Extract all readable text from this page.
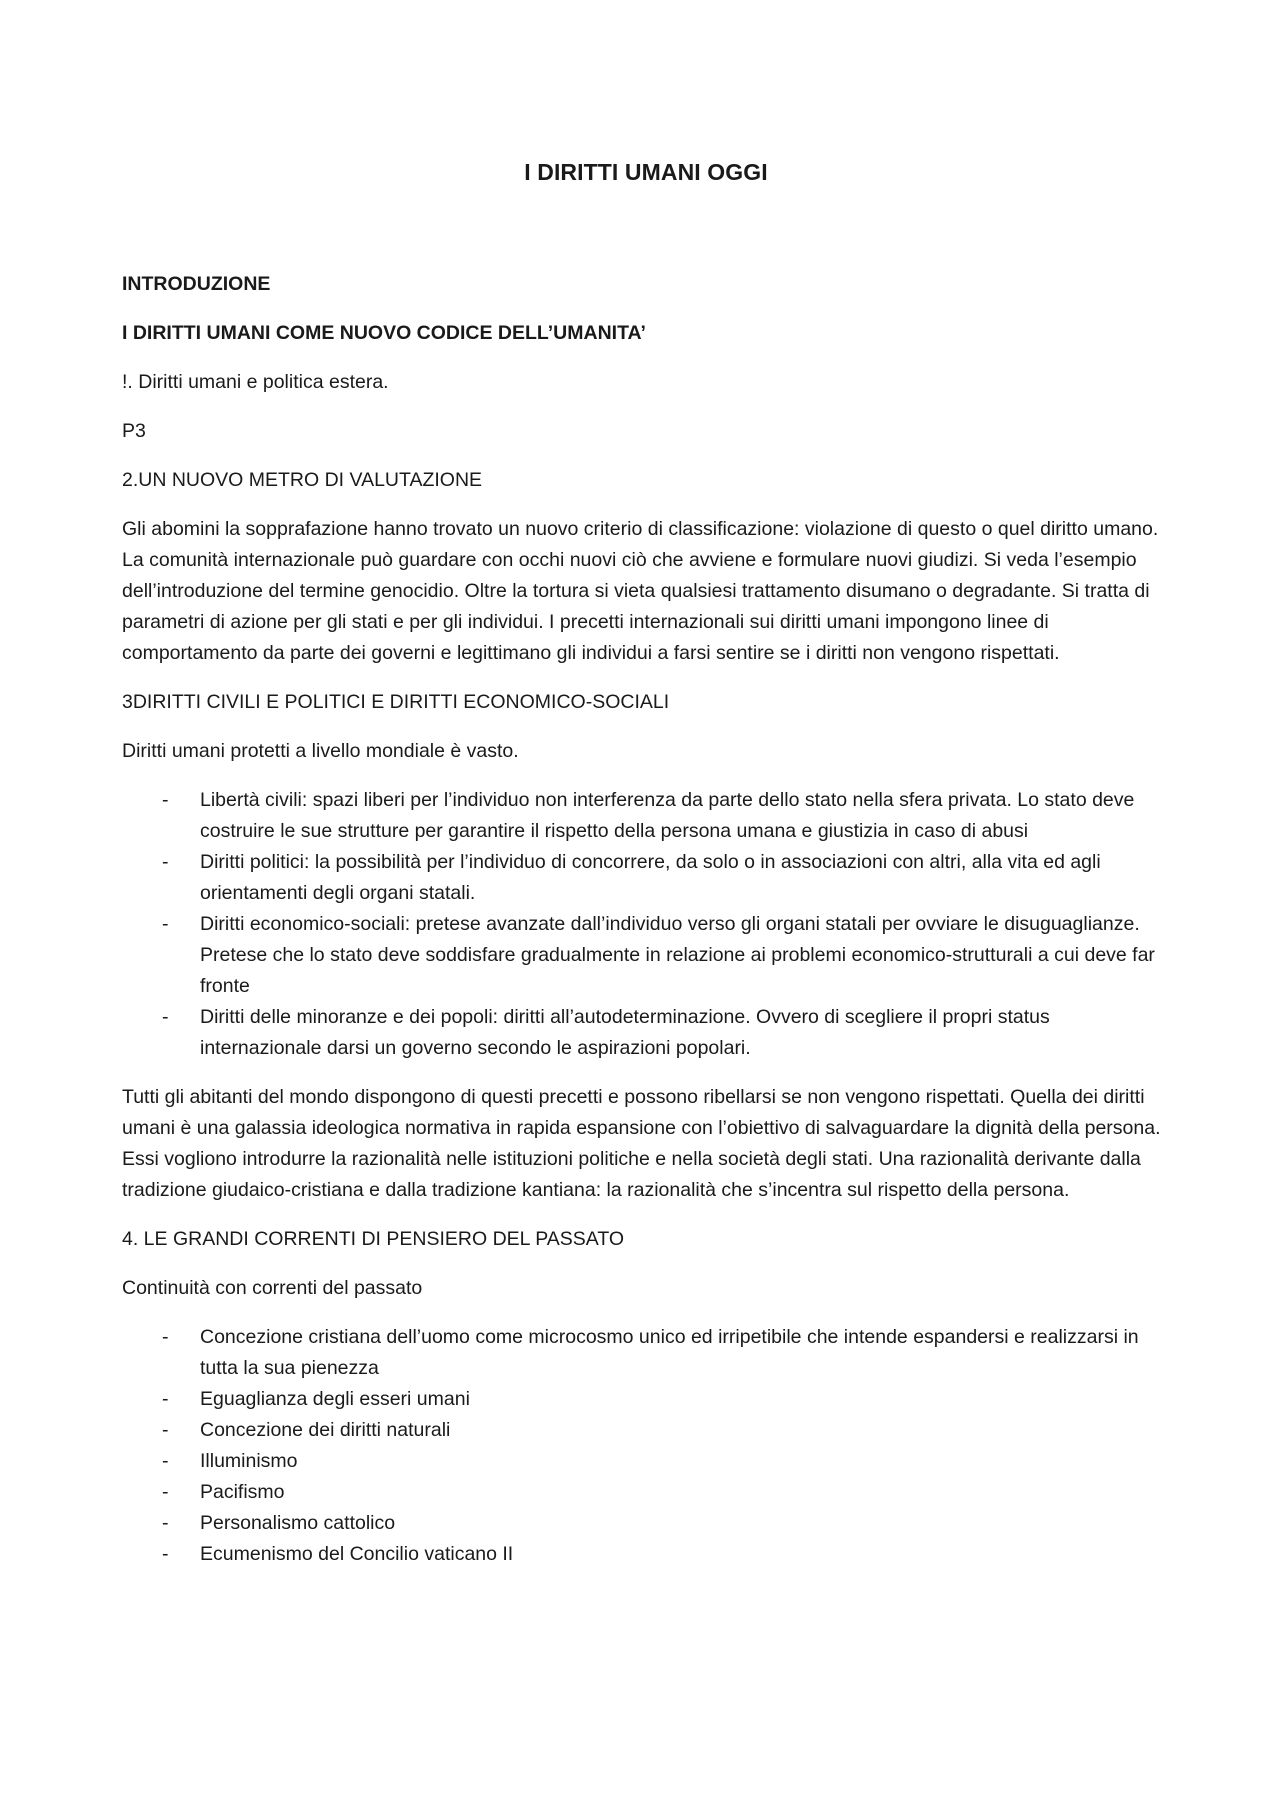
I DIRITTI UMANI OGGI
INTRODUZIONE
I DIRITTI UMANI COME NUOVO CODICE DELL’UMANITA’
!. Diritti umani e politica estera.
P3
2.UN NUOVO METRO DI VALUTAZIONE
Gli abomini la sopprafazione hanno trovato un nuovo criterio di classificazione: violazione di questo o quel diritto umano. La comunità internazionale può guardare con occhi nuovi ciò che avviene e formulare nuovi giudizi. Si veda l’esempio dell’introduzione del termine genocidio. Oltre la tortura si vieta qualsiesi trattamento disumano o degradante. Si tratta di parametri di azione per gli stati e per gli individui. I precetti internazionali sui diritti umani impongono linee di comportamento da parte dei governi e legittimano gli individui a farsi sentire se i diritti non vengono rispettati.
3DIRITTI CIVILI E POLITICI E DIRITTI ECONOMICO-SOCIALI
Diritti umani protetti a livello mondiale è vasto.
- Libertà civili: spazi liberi per l’individuo non interferenza da parte dello stato nella sfera privata. Lo stato deve costruire le sue strutture per garantire il rispetto della persona umana e giustizia in caso di abusi
- Diritti politici: la possibilità per l’individuo di concorrere, da solo o in associazioni con altri, alla vita ed agli orientamenti degli organi statali.
- Diritti economico-sociali: pretese avanzate dall’individuo verso gli organi statali per ovviare le disuguaglianze. Pretese che lo stato deve soddisfare gradualmente in relazione ai problemi economico-strutturali a cui deve far fronte
- Diritti delle minoranze e dei popoli: diritti all’autodeterminazione. Ovvero di scegliere il propri status internazionale darsi un governo secondo le aspirazioni popolari.
Tutti gli abitanti del mondo dispongono di questi precetti e possono ribellarsi se non vengono rispettati. Quella dei diritti umani è una galassia ideologica normativa in rapida espansione con l’obiettivo di salvaguardare la dignità della persona. Essi vogliono introdurre la razionalità nelle istituzioni politiche e nella società degli stati. Una razionalità derivante dalla tradizione giudaico-cristiana e dalla tradizione kantiana: la razionalità che s’incentra sul rispetto della persona.
4. LE GRANDI CORRENTI DI PENSIERO DEL PASSATO
Continuità con correnti del passato
- Concezione cristiana dell’uomo come microcosmo unico ed irripetibile che intende espandersi e realizzarsi in tutta la sua pienezza
- Eguaglianza degli esseri umani
- Concezione dei diritti naturali
- Illuminismo
- Pacifismo
- Personalismo cattolico
- Ecumenismo del Concilio vaticano II
